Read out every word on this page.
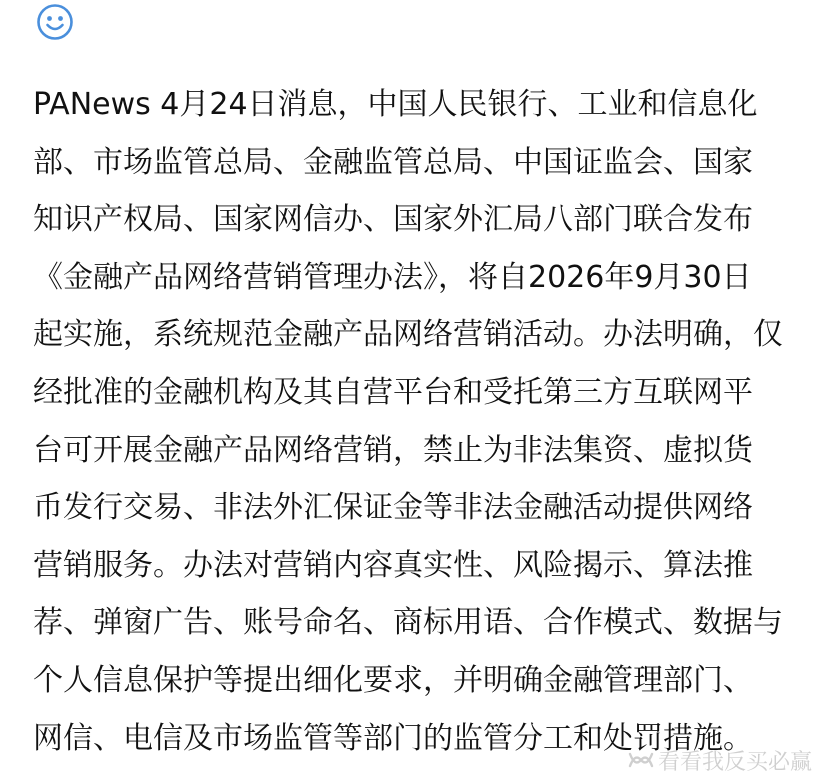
PANews 4月24日消息，中国人民银行、工业和信息化
部、市场监管总局、金融监管总局、中国证监会、国家
知识产权局、国家网信办、国家外汇局八部门联合发布
《金融产品网络营销管理办法》，将自2026年9月30日
起实施，系统规范金融产品网络营销活动。办法明确，仅
经批准的金融机构及其自营平台和受托第三方互联网平
台可开展金融产品网络营销，禁止为非法集资、虚拟货
币发行交易、非法外汇保证金等非法金融活动提供网络
营销服务。办法对营销内容真实性、风险揭示、算法推
荐、弹窗广告、账号命名、商标用语、合作模式、数据与
个人信息保护等提出细化要求，并明确金融管理部门、
网信、电信及市场监管等部门的监管分工和处罚措施。
看看我反买必赢
